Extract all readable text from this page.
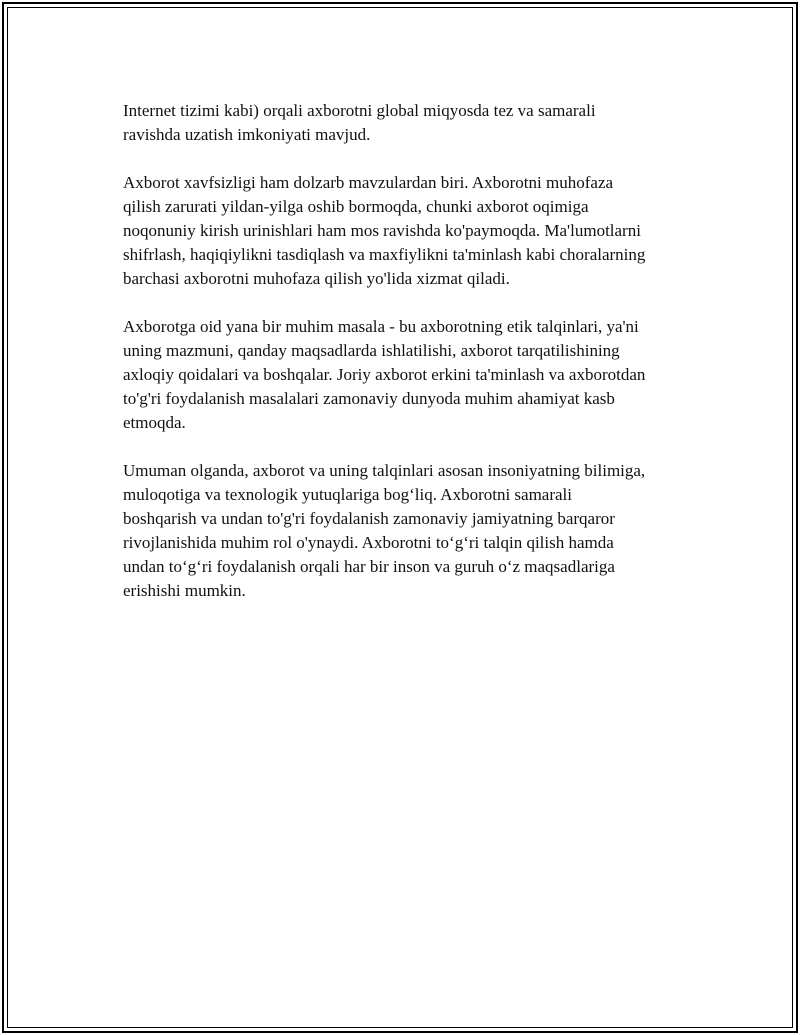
Internet tizimi kabi) orqali axborotni global miqyosda tez va samarali
ravishda uzatish imkoniyati mavjud.

Axborot xavfsizligi ham dolzarb mavzulardan biri. Axborotni muhofaza
qilish zarurati yildan-yilga oshib bormoqda, chunki axborot oqimiga
noqonuniy kirish urinishlari ham mos ravishda ko'paymoqda. Ma'lumotlarni
shifrlash, haqiqiylikni tasdiqlash va maxfiylikni ta'minlash kabi choralarning
barchasi axborotni muhofaza qilish yo'lida xizmat qiladi.

Axborotga oid yana bir muhim masala - bu axborotning etik talqinlari, ya'ni
uning mazmuni, qanday maqsadlarda ishlatilishi, axborot tarqatilishining
axloqiy qoidalari va boshqalar. Joriy axborot erkini ta'minlash va axborotdan
to'g'ri foydalanish masalalari zamonaviy dunyoda muhim ahamiyat kasb
etmoqda.

Umuman olganda, axborot va uning talqinlari asosan insoniyatning bilimiga,
muloqotiga va texnologik yutuqlariga bog‘liq. Axborotni samarali
boshqarish va undan to'g'ri foydalanish zamonaviy jamiyatning barqaror
rivojlanishida muhim rol o'ynaydi. Axborotni to‘g‘ri talqin qilish hamda
undan to‘g‘ri foydalanish orqali har bir inson va guruh o‘z maqsadlariga
erishishi mumkin.
